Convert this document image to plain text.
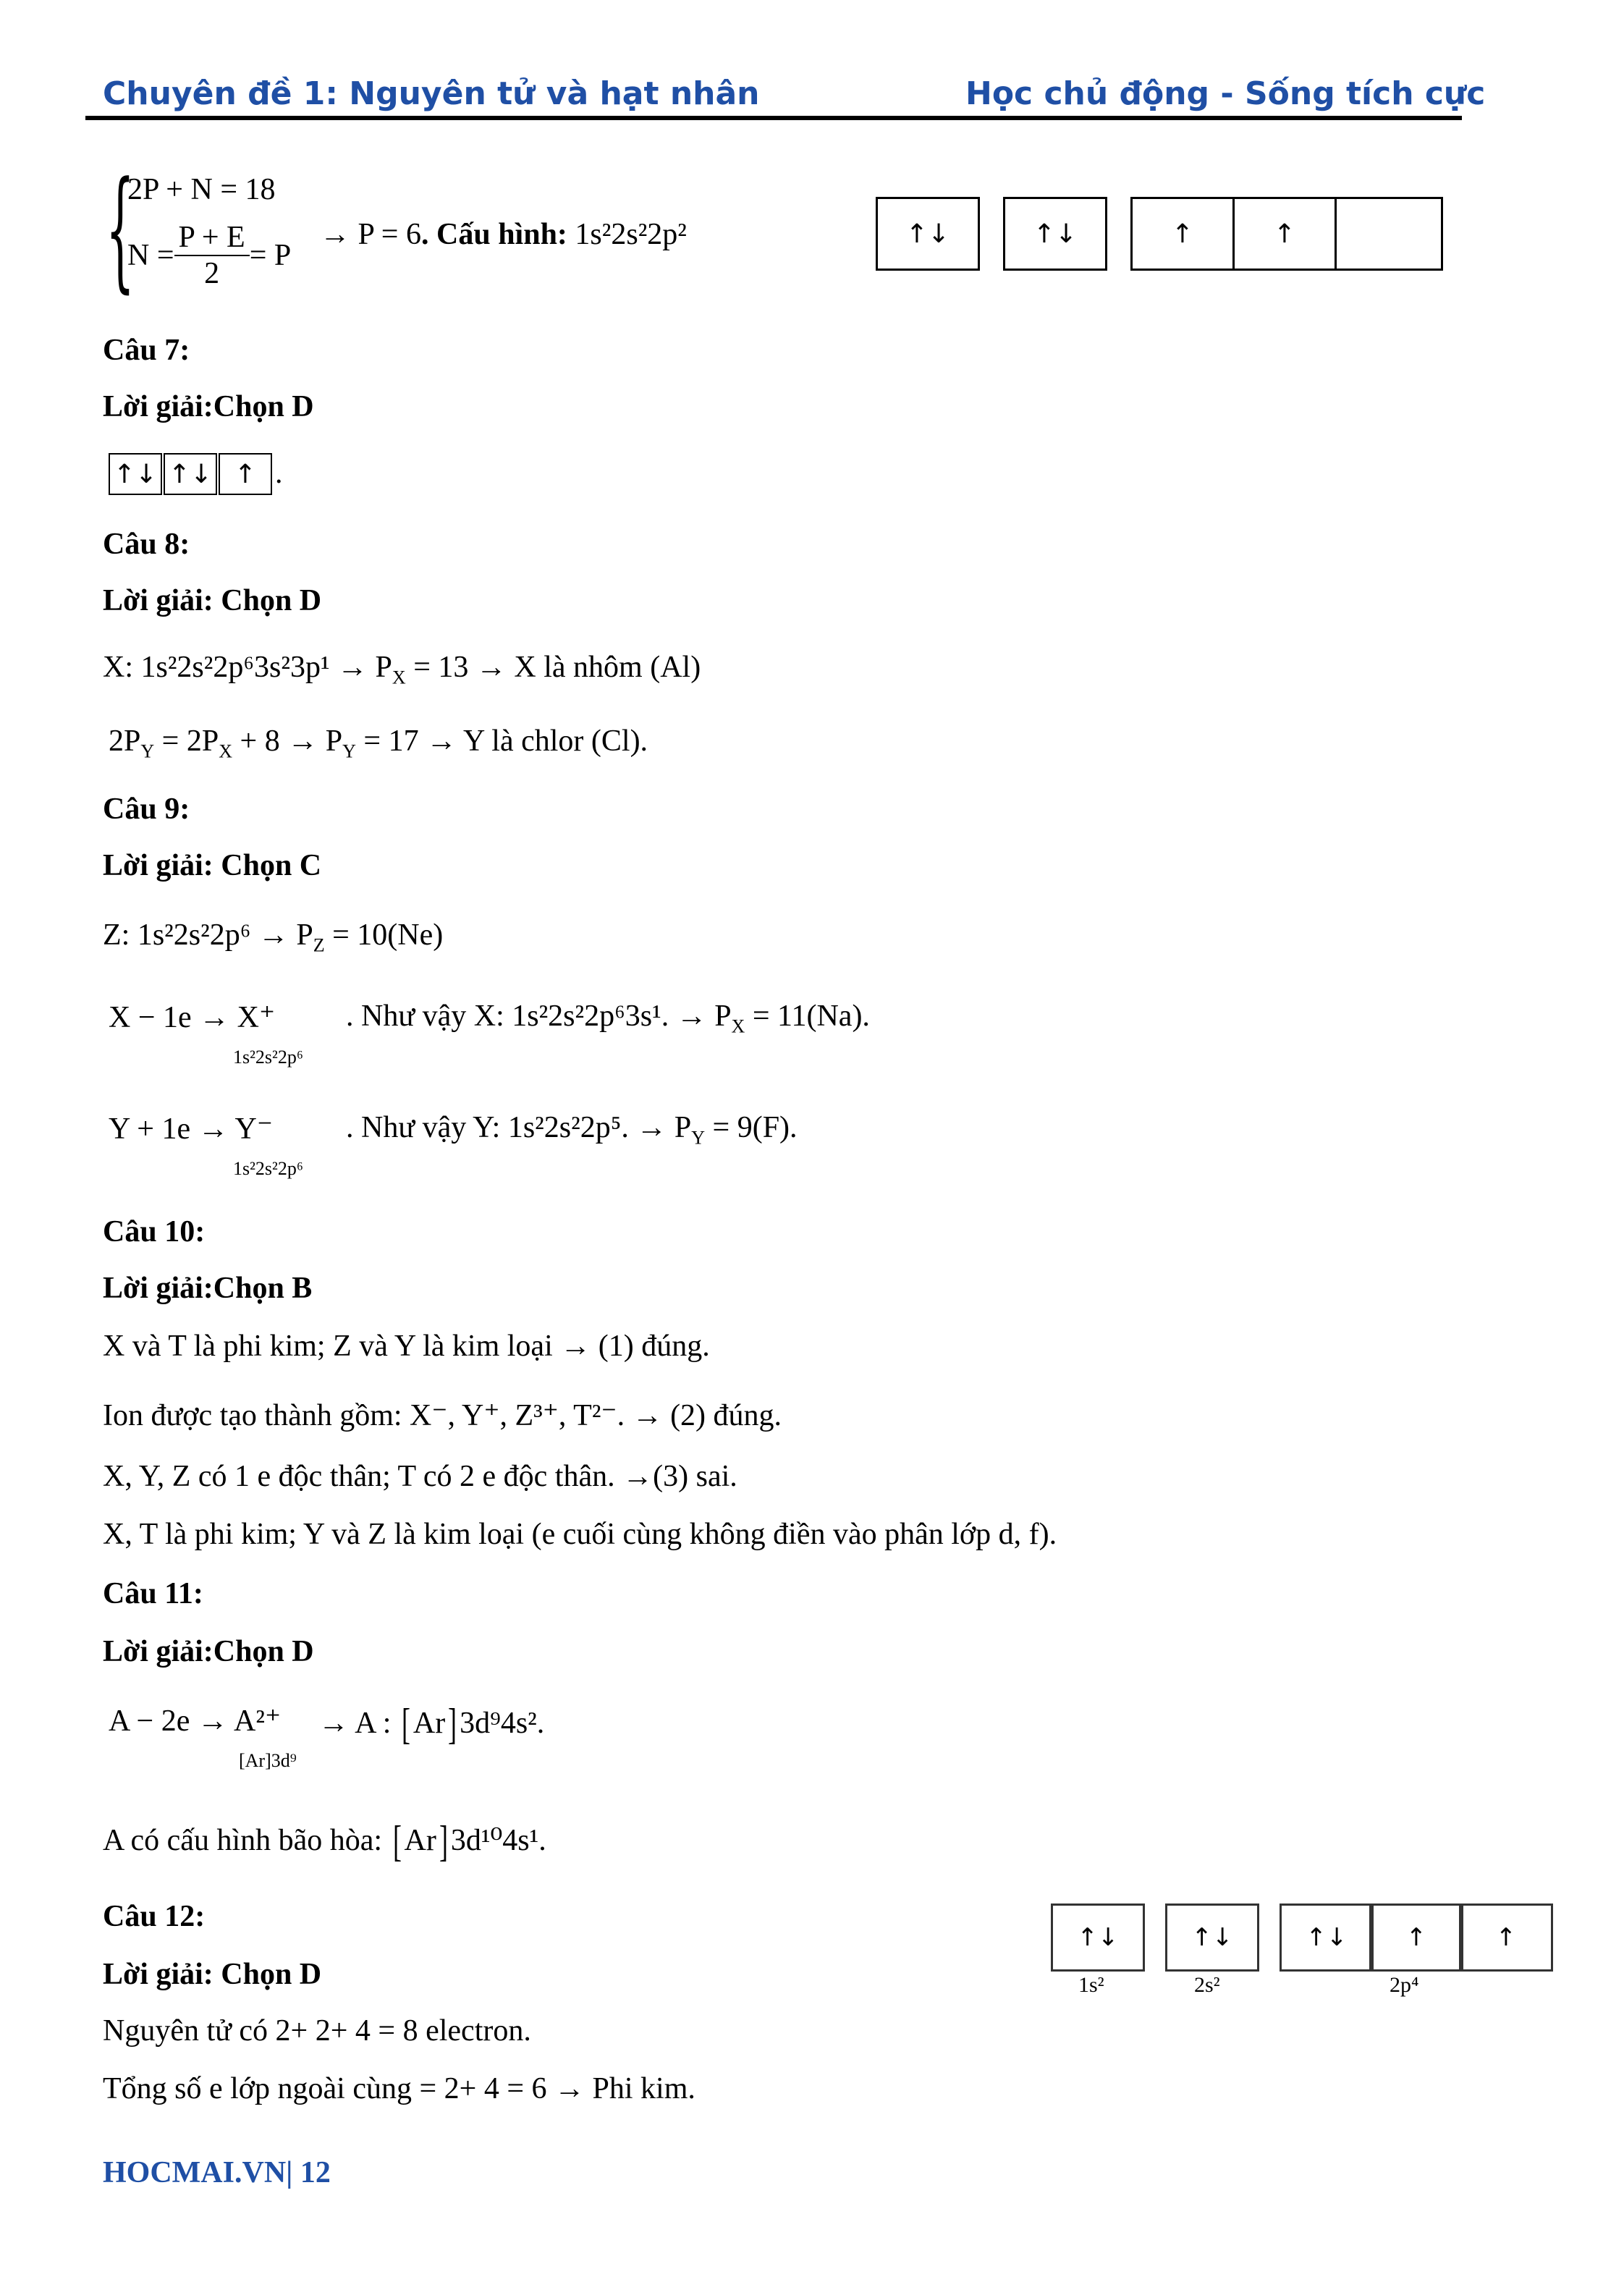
Chuyên đề 1: Nguyên tử và hạt nhân	Học chủ động - Sống tích cực
{
2P + N = 18
$N = \frac{P + E}{2} = P$
→ P = 6. Cấu hình: 1s²2s²2p²	↑↓	↑↓	↑	↑
Câu 7:
Lời giải:Chọn D
↑↓ ↑↓ ↑ .
Câu 8:
Lời giải: Chọn D
X: $1s^22s^22p^63s^23p^1 \to P_X = 13 \to X$ là nhôm (Al)
$2P_Y = 2P_X + 8 \to P_Y = 17 \to Y$ là chlor (Cl).
Câu 9:
Lời giải: Chọn C
Z: $1s^22s^22p^6 \to P_Z = 10(Ne)$
X − 1e → X⁺
1s²2s²2p⁶
. Như vậy X: 1s²2s²2p⁶3s¹. → $P_X = 11(Na)$.
Y + 1e → Y⁻
1s²2s²2p⁶
. Như vậy Y: 1s²2s²2p⁵. → $P_Y = 9(F)$.
Câu 10:
Lời giải:Chọn B
X và T là phi kim; Z và Y là kim loại → (1) đúng.
Ion được tạo thành gồm: X⁻, Y⁺, Z³⁺, T²⁻. → (2) đúng.
X, Y, Z có 1 e độc thân; T có 2 e độc thân. →(3) sai.
X, T là phi kim; Y và Z là kim loại (e cuối cùng không điền vào phân lớp d, f).
Câu 11:
Lời giải:Chọn D
A − 2e → A²⁺
[Ar]3d⁹
→ A : [Ar]3d⁹4s².
A có cấu hình bão hòa: [Ar]3d¹⁰4s¹.
Câu 12:
Lời giải: Chọn D
Nguyên tử có 2+ 2+ 4 = 8 electron.
Tổng số e lớp ngoài cùng = 2+ 4 = 6 → Phi kim.
↑↓	↑↓	↑↓	↑	↑
1s²	2s²	2p⁴
HOCMAI.VN| 12
